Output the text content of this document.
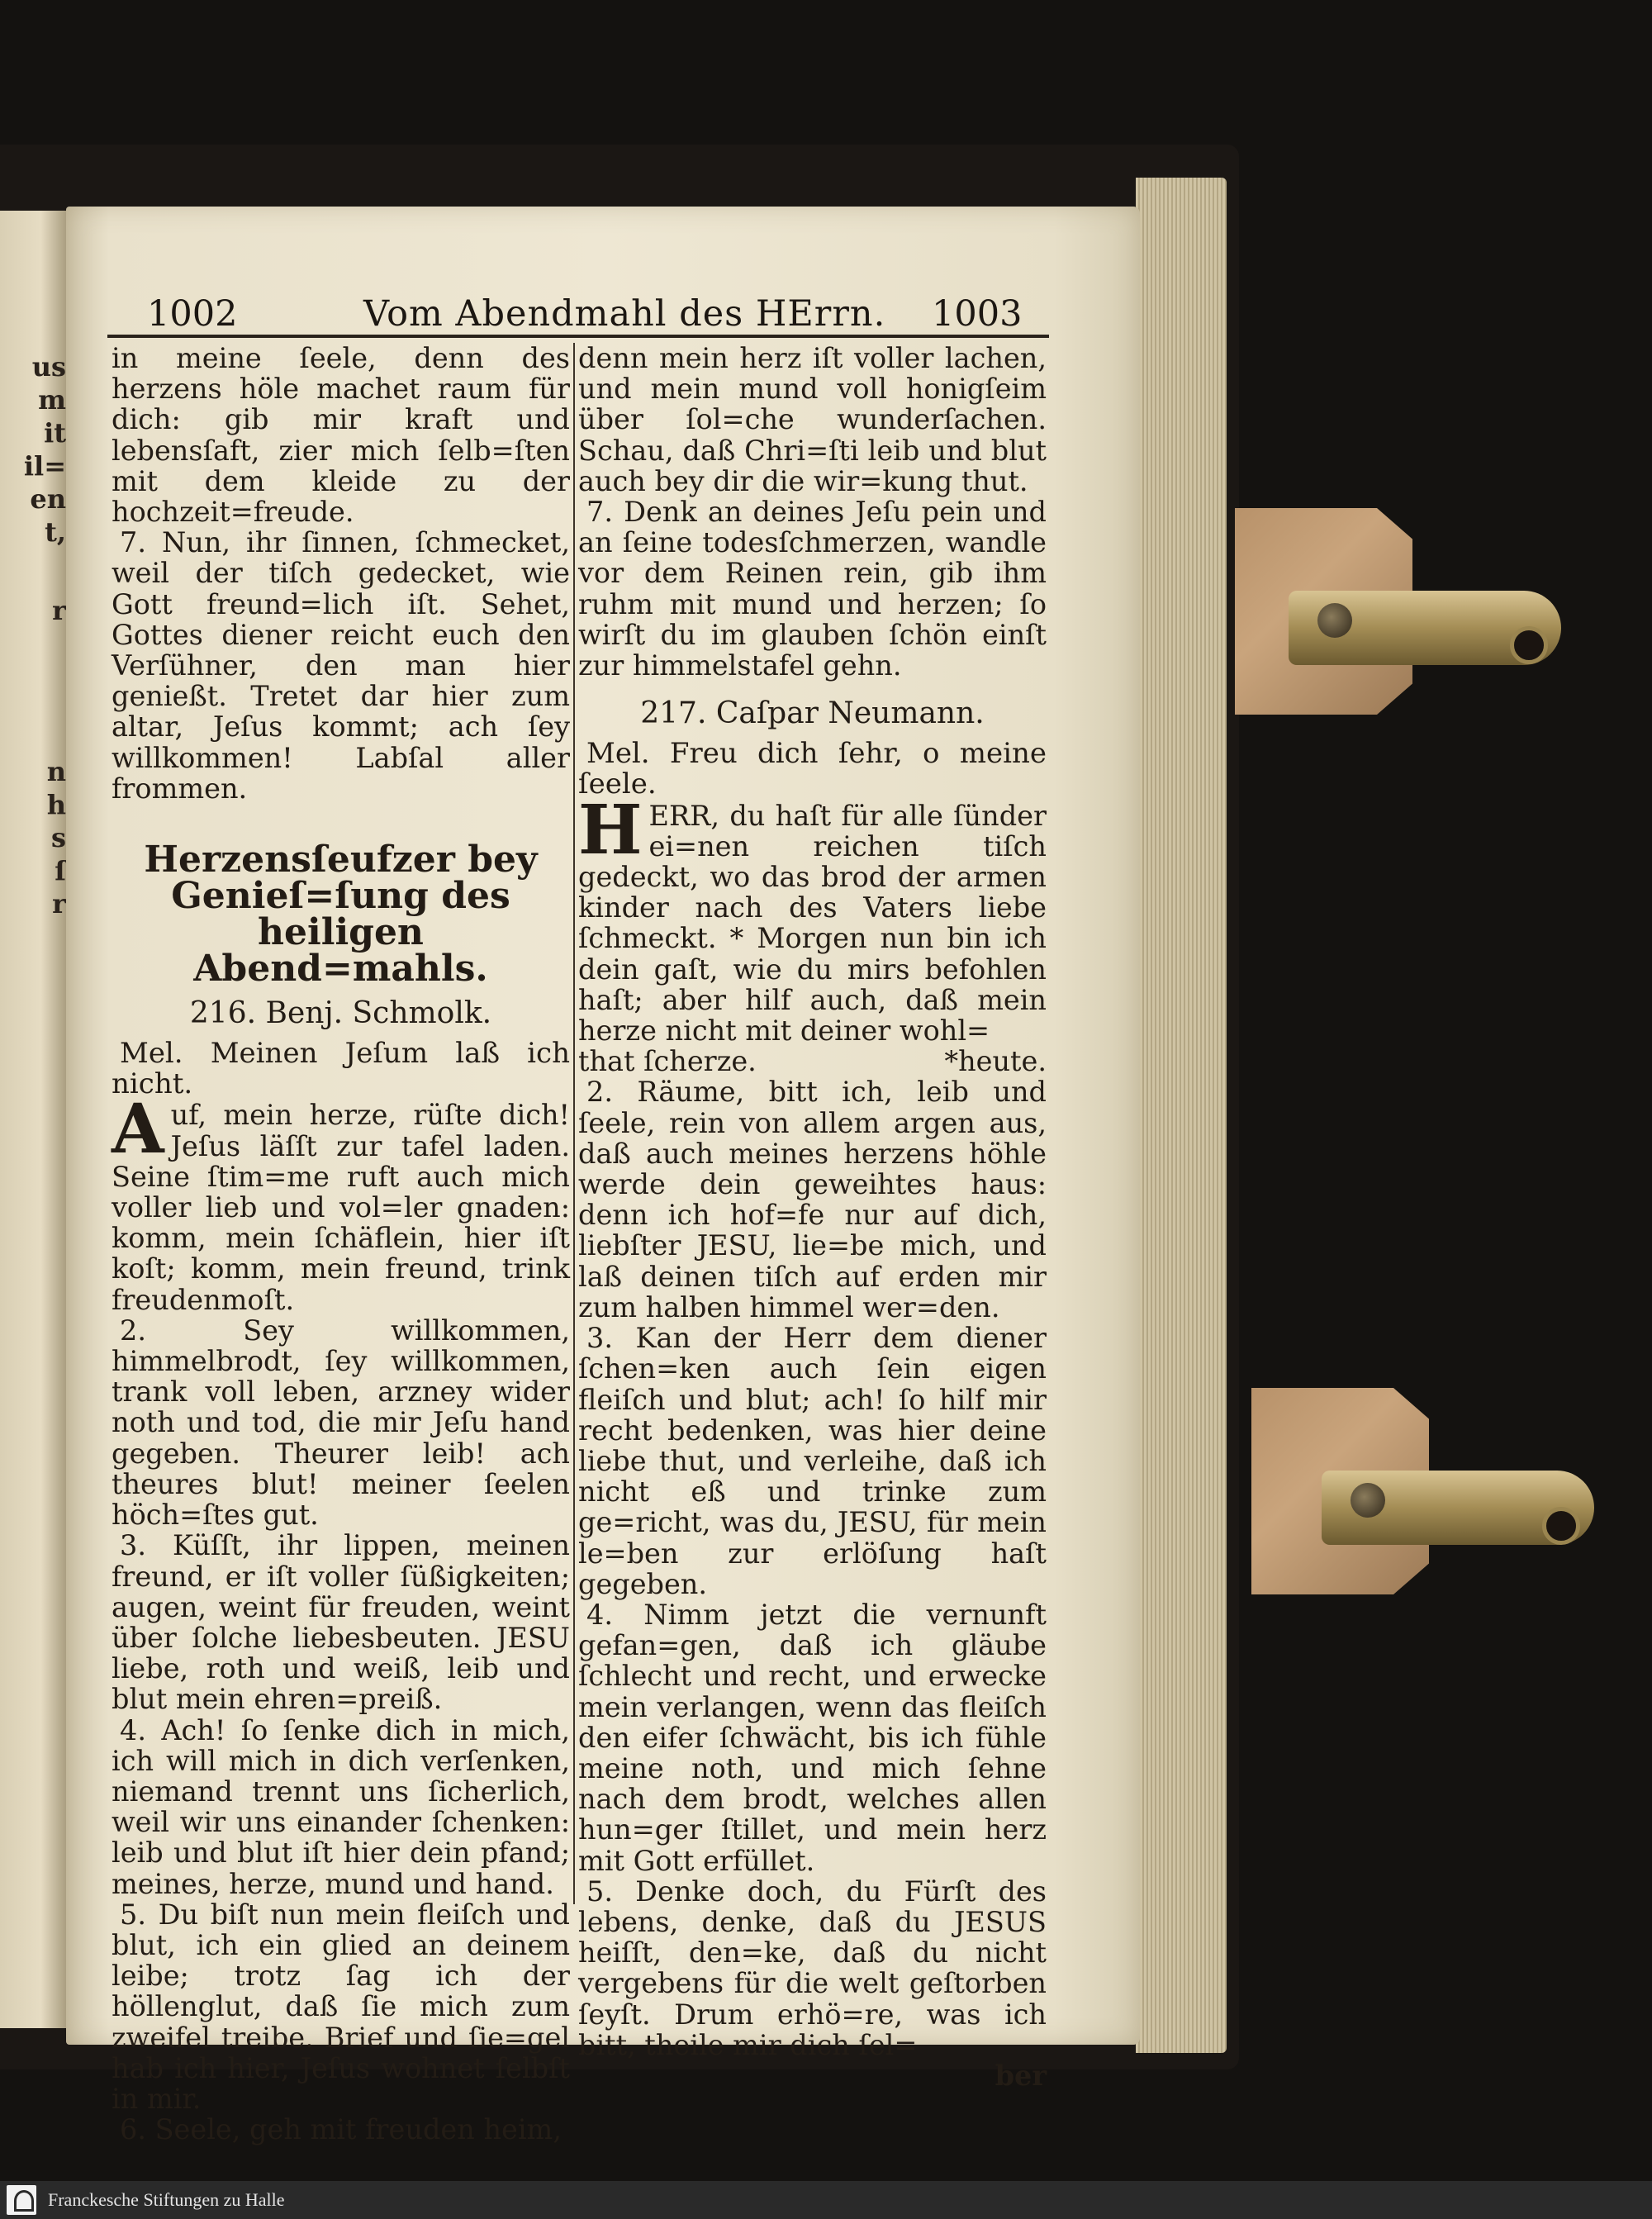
us
m
it
il=
en
t,
r
n
h
s
ſ
r
1002	Vom Abendmahl des HErrn. 1003

in meine ſeele, denn des herzens höle machet raum für dich: gib mir kraft und lebensſaft, zier mich ſelb=ſten mit dem kleide zu der hochzeit=freude.

7. Nun, ihr ſinnen, ſchmecket, weil der tiſch gedecket, wie Gott freund=lich iſt. Sehet, Gottes diener reicht euch den Verſühner, den man hier genießt. Tretet dar hier zum altar, Jeſus kommt; ach ſey willkommen! Labſal aller frommen.

Herzensſeufzer bey Genieſ=ſung des heiligen Abend=mahls.
216. Benj. Schmolk.

Mel. Meinen Jeſum laß ich nicht.

A uf, mein herze, rüſte dich! Jeſus läſſt zur tafel laden. Seine ſtim=me ruft auch mich voller lieb und vol=ler gnaden: komm, mein ſchäflein, hier iſt koſt; komm, mein freund, trink freudenmoſt.

2. Sey willkommen, himmelbrodt, ſey willkommen, trank voll leben, arzney wider noth und tod, die mir Jeſu hand gegeben. Theurer leib! ach theures blut! meiner ſeelen höch=ſtes gut.

3. Küſſt, ihr lippen, meinen freund, er iſt voller ſüßigkeiten; augen, weint für freuden, weint über ſolche liebesbeuten. JESU liebe, roth und weiß, leib und blut mein ehren=preiß.

4. Ach! ſo ſenke dich in mich, ich will mich in dich verſenken, niemand trennt uns ſicherlich, weil wir uns einander ſchenken: leib und blut iſt hier dein pfand; meines, herze, mund und hand.

5. Du biſt nun mein fleiſch und blut, ich ein glied an deinem leibe; trotz ſag ich der höllenglut, daß ſie mich zum zweifel treibe. Brief und ſie=gel hab ich hier, Jeſus wohnet ſelbſt in mir.

6. Seele, geh mit freuden heim,

denn mein herz iſt voller lachen, und mein mund voll honigſeim über ſol=che wunderſachen. Schau, daß Chri=ſti leib und blut auch bey dir die wir=kung thut.

7. Denk an deines Jeſu pein und an ſeine todesſchmerzen, wandle vor dem Reinen rein, gib ihm ruhm mit mund und herzen; ſo wirſt du im glauben ſchön einſt zur himmelstafel gehn.

217. Caſpar Neumann.

Mel. Freu dich ſehr, o meine ſeele.

H ERR, du haſt für alle ſünder ei=nen reichen tiſch gedeckt, wo das brod der armen kinder nach des Vaters liebe ſchmeckt. * Morgen nun bin ich dein gaſt, wie du mirs befohlen haſt; aber hilf auch, daß mein herze nicht mit deiner wohl=

that ſcherze.	*heute.

2. Räume, bitt ich, leib und ſeele, rein von allem argen aus, daß auch meines herzens höhle werde dein geweihtes haus: denn ich hof=fe nur auf dich, liebſter JESU, lie=be mich, und laß deinen tiſch auf erden mir zum halben himmel wer=den.

3. Kan der Herr dem diener ſchen=ken auch ſein eigen fleiſch und blut; ach! ſo hilf mir recht bedenken, was hier deine liebe thut, und verleihe, daß ich nicht eß und trinke zum ge=richt, was du, JESU, für mein le=ben zur erlöſung haſt gegeben.

4. Nimm jetzt die vernunft gefan=gen, daß ich gläube ſchlecht und recht, und erwecke mein verlangen, wenn das fleiſch den eifer ſchwächt, bis ich fühle meine noth, und mich ſehne nach dem brodt, welches allen hun=ger ſtillet, und mein herz mit Gott erfüllet.

5. Denke doch, du Fürſt des lebens, denke, daß du JESUS heiſſt, den=ke, daß du nicht vergebens für die welt geſtorben ſeyſt. Drum erhö=re, was ich bitt, theile mir dich ſel=

ber
Franckesche Stiftungen zu Halle
